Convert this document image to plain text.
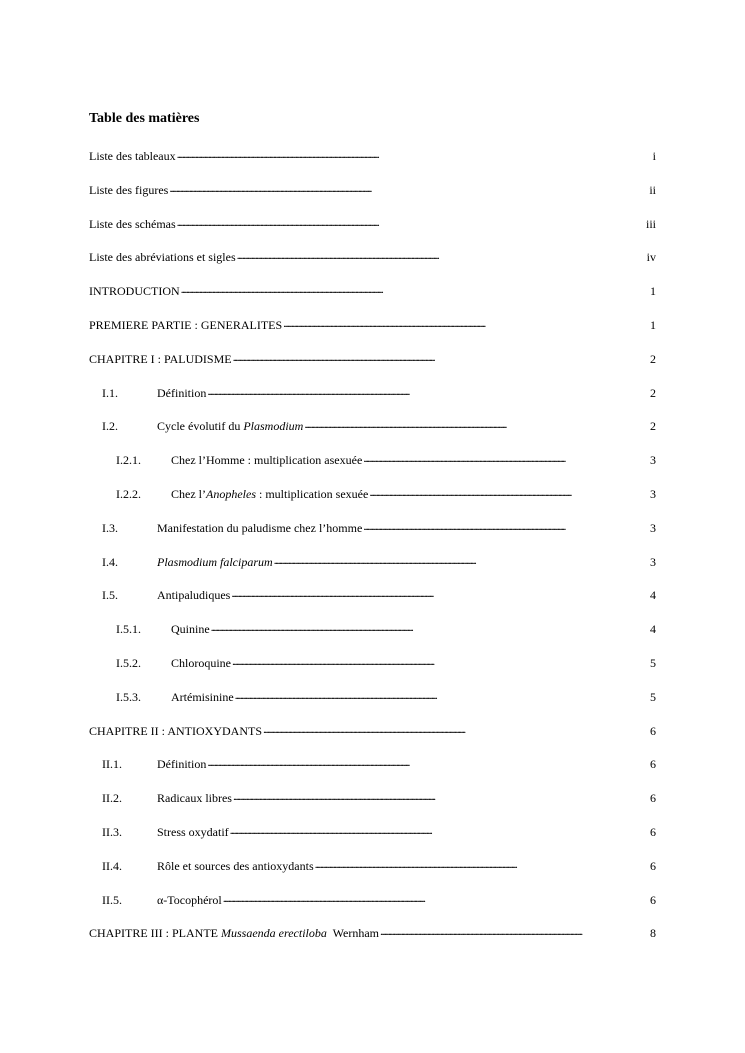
Table des matières
Liste des tableaux . . .	i
Liste des figures . . .	ii
Liste des schémas . . .	iii
Liste des abréviations et sigles . . .	iv
INTRODUCTION . . .	1
PREMIERE PARTIE : GENERALITES . . .	1
CHAPITRE I : PALUDISME . . .	2
I.1.	Définition . . .	2
I.2.	Cycle évolutif du Plasmodium . . .	2
I.2.1.	Chez l’Homme : multiplication asexuée . . .	3
I.2.2.	Chez l’Anopheles : multiplication sexuée . . .	3
I.3.	Manifestation du paludisme chez l’homme . . .	3
I.4.	Plasmodium falciparum . . .	3
I.5.	Antipaludiques . . .	4
I.5.1.	Quinine . . .	4
I.5.2.	Chloroquine . . .	5
I.5.3.	Artémisinine . . .	5
CHAPITRE II : ANTIOXYDANTS . . .	6
II.1.	Définition . . .	6
II.2.	Radicaux libres . . .	6
II.3.	Stress oxydatif . . .	6
II.4.	Rôle et sources des antioxydants . . .	6
II.5.	α-Tocophérol . . .	6
CHAPITRE III : PLANTE Mussaenda erectiloba  Wernham . . .	8
